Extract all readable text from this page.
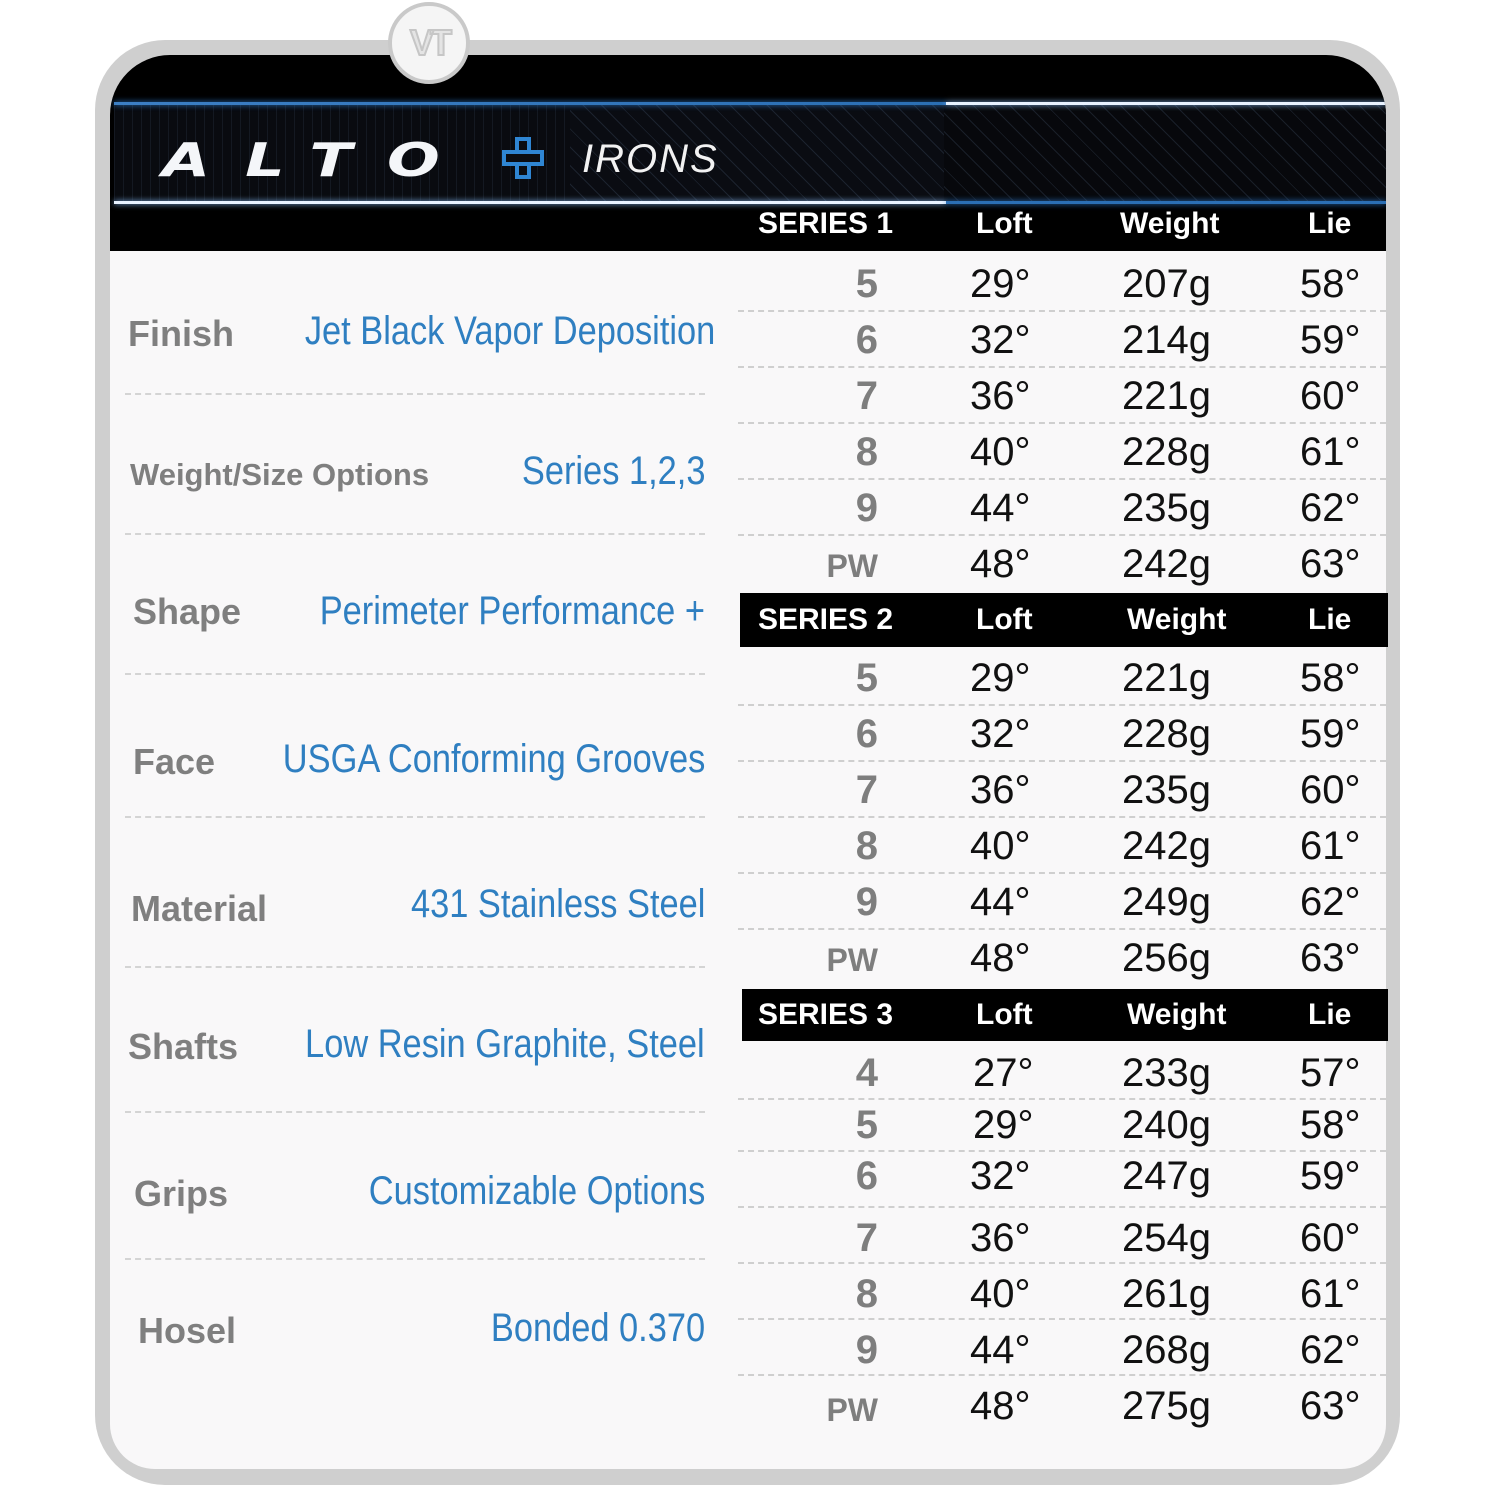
ALTO	IRONS
SERIES 1	Loft	Weight	Lie
VT
Finish Jet Black Vapor Deposition
Weight/Size Options Series 1,2,3
Shape Perimeter Performance +
Face USGA Conforming Grooves
Material	431 Stainless Steel
Shafts Low Resin Graphite, Steel
Grips	Customizable Options
Hosel	Bonded 0.370
5 29° 207g 58°
6 32° 214g 59°
7 36° 221g 60°
8 40° 228g 61°
9 44° 235g 62°
PW 48° 242g 63°
SERIES 2	Loft	Weight	Lie
5 29° 221g 58°
6 32° 228g 59°
7 36° 235g 60°
8 40° 242g 61°
9 44° 249g 62°
PW 48° 256g 63°
SERIES 3	Loft	Weight	Lie
4 27° 233g 57°
5 29° 240g 58°
6 32° 247g 59°
7 36° 254g 60°
8 40° 261g 61°
9 44° 268g 62°
PW 48° 275g 63°
